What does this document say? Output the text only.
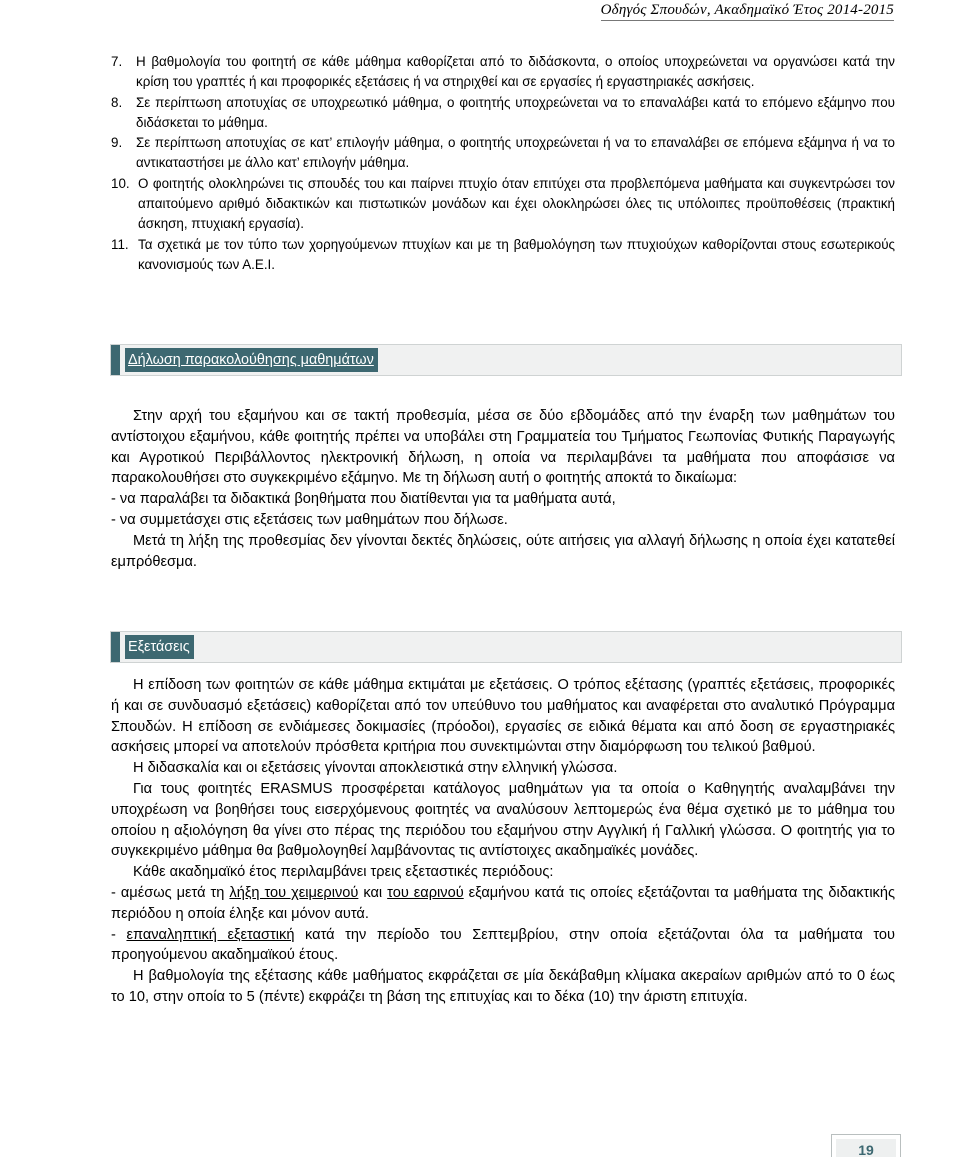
Οδηγός Σπουδών, Ακαδημαϊκό Έτος 2014-2015
7.	Η βαθμολογία του φοιτητή σε κάθε μάθημα καθορίζεται από το διδάσκοντα, ο οποίος υποχρεώνεται να οργανώσει κατά την κρίση του γραπτές ή και προφορικές εξετάσεις ή να στηριχθεί και σε εργασίες ή εργαστηριακές ασκήσεις.
8.	Σε περίπτωση αποτυχίας σε υποχρεωτικό μάθημα, ο φοιτητής υποχρεώνεται να το επαναλάβει κατά το επόμενο εξάμηνο που διδάσκεται το μάθημα.
9.	Σε περίπτωση αποτυχίας σε κατ’ επιλογήν μάθημα, ο φοιτητής υποχρεώνεται ή να το επαναλάβει σε επόμενα εξάμηνα ή να το αντικαταστήσει με άλλο κατ’ επιλογήν μάθημα.
10. Ο φοιτητής ολοκληρώνει τις σπουδές του και παίρνει πτυχίο όταν επιτύχει στα προβλεπόμενα μαθήματα και συγκεντρώσει τον απαιτούμενο αριθμό διδακτικών και πιστωτικών μονάδων και έχει ολοκληρώσει όλες τις υπόλοιπες προϋποθέσεις (πρακτική άσκηση, πτυχιακή εργασία).
11. Τα σχετικά με τον τύπο των χορηγούμενων πτυχίων και με τη βαθμολόγηση των πτυχιούχων καθορίζονται στους εσωτερικούς κανονισμούς των Α.Ε.Ι.
Δήλωση παρακολούθησης μαθημάτων

Στην αρχή του εξαμήνου και σε τακτή προθεσμία, μέσα σε δύο εβδομάδες από την έναρξη των μαθημάτων του αντίστοιχου εξαμήνου, κάθε φοιτητής πρέπει να υποβάλει στη Γραμματεία του Τμήματος Γεωπονίας Φυτικής Παραγωγής και Αγροτικού Περιβάλλοντος ηλεκτρονική δήλωση, η οποία να περιλαμβάνει τα μαθήματα που αποφάσισε να παρακολουθήσει στο συγκεκριμένο εξάμηνο. Με τη δήλωση αυτή ο φοιτητής αποκτά το δικαίωμα:

- να παραλάβει τα διδακτικά βοηθήματα που διατίθενται για τα μαθήματα αυτά,

- να συμμετάσχει στις εξετάσεις των μαθημάτων που δήλωσε.

Μετά τη λήξη της προθεσμίας δεν γίνονται δεκτές δηλώσεις, ούτε αιτήσεις για αλλαγή δήλωσης η οποία έχει κατατεθεί εμπρόθεσμα.

Εξετάσεις

Η επίδοση των φοιτητών σε κάθε μάθημα εκτιμάται με εξετάσεις. Ο τρόπος εξέτασης (γραπτές εξετάσεις, προφορικές ή και σε συνδυασμό εξετάσεις) καθορίζεται από τον υπεύθυνο του μαθήματος και αναφέρεται στο αναλυτικό Πρόγραμμα Σπουδών. Η επίδοση σε ενδιάμεσες δοκιμασίες (πρόοδοι), εργασίες σε ειδικά θέματα και από δοση σε εργαστηριακές ασκήσεις μπορεί να αποτελούν πρόσθετα κριτήρια που συνεκτιμώνται στην διαμόρφωση του τελικού βαθμού.

Η διδασκαλία και οι εξετάσεις γίνονται αποκλειστικά στην ελληνική γλώσσα.

Για τους φοιτητές ERASMUS προσφέρεται κατάλογος μαθημάτων για τα οποία ο Καθηγητής αναλαμβάνει την υποχρέωση να βοηθήσει τους εισερχόμενους φοιτητές να αναλύσουν λεπτομερώς ένα θέμα σχετικό με το μάθημα του οποίου η αξιολόγηση θα γίνει στο πέρας της περιόδου του εξαμήνου στην Αγγλική ή Γαλλική γλώσσα. Ο φοιτητής για το συγκεκριμένο μάθημα θα βαθμολογηθεί λαμβάνοντας τις αντίστοιχες ακαδημαϊκές μονάδες.

Κάθε ακαδημαϊκό έτος περιλαμβάνει τρεις εξεταστικές περιόδους:

- αμέσως μετά τη λήξη του χειμερινού και του εαρινού εξαμήνου κατά τις οποίες εξετάζονται τα μαθήματα της διδακτικής περιόδου η οποία έληξε και μόνον αυτά.

- επαναληπτική εξεταστική κατά την περίοδο του Σεπτεμβρίου, στην οποία εξετάζονται όλα τα μαθήματα του προηγούμενου ακαδημαϊκού έτους.

Η βαθμολογία της εξέτασης κάθε μαθήματος εκφράζεται σε μία δεκάβαθμη κλίμακα ακεραίων αριθμών από το 0 έως το 10, στην οποία το 5 (πέντε) εκφράζει τη βάση της επιτυχίας και το δέκα (10) την άριστη επιτυχία.

19
